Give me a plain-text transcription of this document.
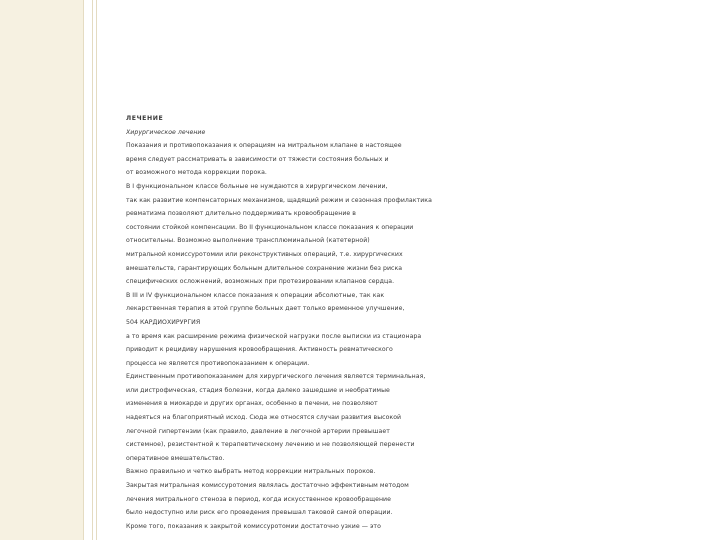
ЛЕЧЕНИЕ
Хирургическое лечение
Показания и противопоказания к операциям на митральном клапане в настоящее
время следует рассматривать в зависимости от тяжести состояния больных и
от возможного метода коррекции порока.
В I функциональном классе больные не нуждаются в хирургическом лечении,
так как развитие компенсаторных механизмов, щадящий режим и сезонная профилактика
ревматизма позволяют длительно поддерживать кровообращение в
состоянии стойкой компенсации. Во II функциональном классе показания к операции
относительны. Возможно выполнение трансплюминальной (катетерной)
митральной комиссуротомии или реконструктивных операций, т.е. хирургических
вмешательств, гарантирующих больным длительное сохранение жизни без риска
специфических осложнений, возможных при протезировании клапанов сердца.
В III и IV функциональном классе показания к операции абсолютные, так как
лекарственная терапия в этой группе больных дает только временное улучшение,
504 КАРДИОХИРУРГИЯ
а то время как расширение режима физической нагрузки после выписки из стационара
приводит к рецидиву нарушения кровообращения. Активность ревматического
процесса не является противопоказанием к операции.
Единственным противопоказанием для хирургического лечения является терминальная,
или дистрофическая, стадия болезни, когда далеко зашедшие и необратимые
изменения в миокарде и других органах, особенно в печени, не позволяют
надеяться на благоприятный исход. Сюда же относятся случаи развития высокой
легочной гипертензии (как правило, давление в легочной артерии превышает
системное), резистентной к терапевтическому лечению и не позволяющей перенести
оперативное вмешательство.
Важно правильно и четко выбрать метод коррекции митральных пороков.
Закрытая митральная комиссуротомия являлась достаточно эффективным методом
лечения митрального стеноза в период, когда искусственное кровообращение
было недоступно или риск его проведения превышал таковой самой операции.
Кроме того, показания к закрытой комиссуротомии достаточно узкие — это
